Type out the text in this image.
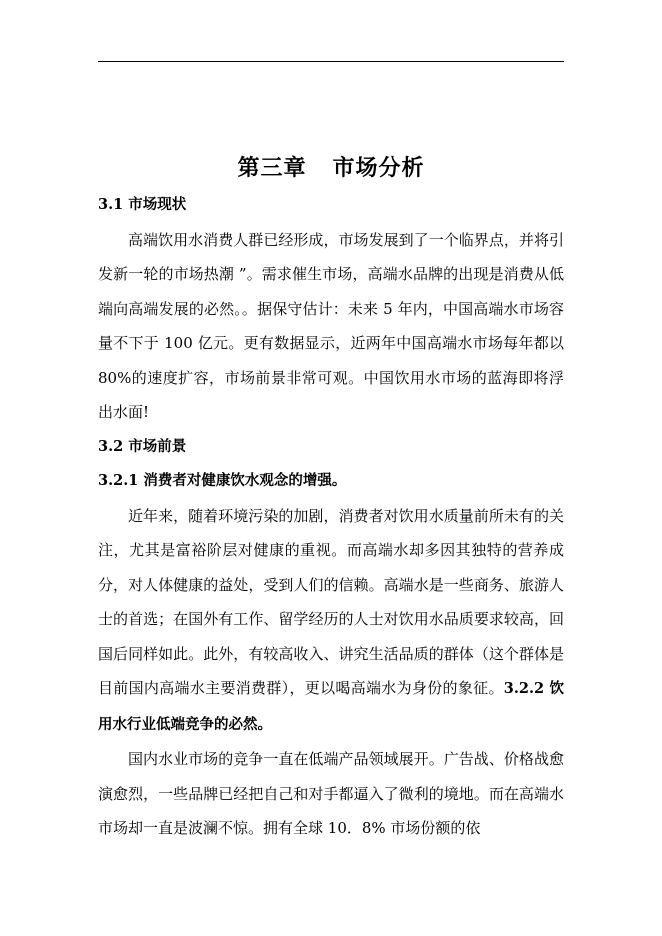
第三章 市场分析
3.1 市场现状

高端饮用水消费人群已经形成，市场发展到了一个临界点，并将引发新一轮的市场热潮 ”。需求催生市场，高端水品牌的出现是消费从低端向高端发展的必然。。据保守估计：未来 5 年内，中国高端水市场容量不下于 100 亿元。更有数据显示，近两年中国高端水市场每年都以 80%的速度扩容，市场前景非常可观。中国饮用水市场的蓝海即将浮出水面!

3.2 市场前景
3.2.1 消费者对健康饮水观念的增强。

近年来，随着环境污染的加剧，消费者对饮用水质量前所未有的关注，尤其是富裕阶层对健康的重视。而高端水却多因其独特的营养成分，对人体健康的益处，受到人们的信赖。高端水是一些商务、旅游人士的首选；在国外有工作、留学经历的人士对饮用水品质要求较高，回国后同样如此。此外，有较高收入、讲究生活品质的群体（这个群体是目前国内高端水主要消费群），更以喝高端水为身份的象征。3.2.2 饮用水行业低端竞争的必然。

国内水业市场的竞争一直在低端产品领域展开。广告战、价格战愈演愈烈，一些品牌已经把自己和对手都逼入了微利的境地。而在高端水市场却一直是波澜不惊。拥有全球 10．8% 市场份额的依
